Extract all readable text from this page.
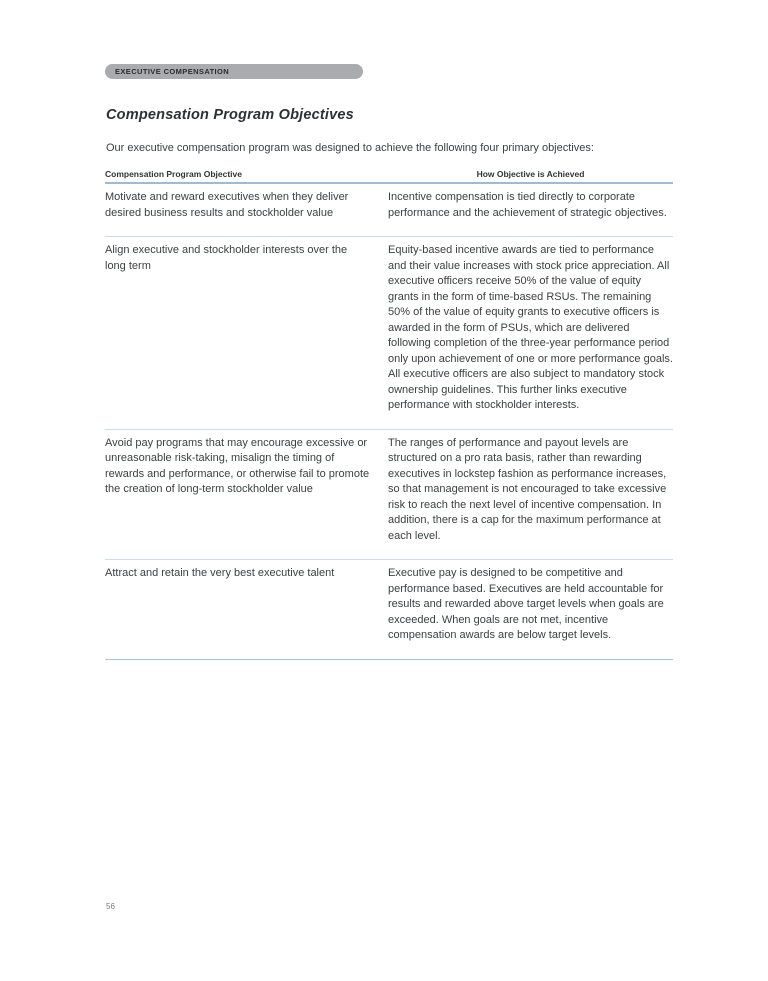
EXECUTIVE COMPENSATION
Compensation Program Objectives

Our executive compensation program was designed to achieve the following four primary objectives:

Compensation Program Objective	How Objective is Achieved
Motivate and reward executives when they deliver desired business results and stockholder value
Incentive compensation is tied directly to corporate performance and the achievement of strategic objectives.
Align executive and stockholder interests over the long term
Equity-based incentive awards are tied to performance and their value increases with stock price appreciation. All executive officers receive 50% of the value of equity grants in the form of time-based RSUs. The remaining 50% of the value of equity grants to executive officers is awarded in the form of PSUs, which are delivered following completion of the three-year performance period only upon achievement of one or more performance goals. All executive officers are also subject to mandatory stock ownership guidelines. This further links executive performance with stockholder interests.
Avoid pay programs that may encourage excessive or unreasonable risk-taking, misalign the timing of rewards and performance, or otherwise fail to promote the creation of long-term stockholder value
The ranges of performance and payout levels are structured on a pro rata basis, rather than rewarding executives in lockstep fashion as performance increases, so that management is not encouraged to take excessive risk to reach the next level of incentive compensation. In addition, there is a cap for the maximum performance at each level.
Attract and retain the very best executive talent	Executive pay is designed to be competitive and performance based. Executives are held accountable for results and rewarded above target levels when goals are exceeded. When goals are not met, incentive compensation awards are below target levels.
56
